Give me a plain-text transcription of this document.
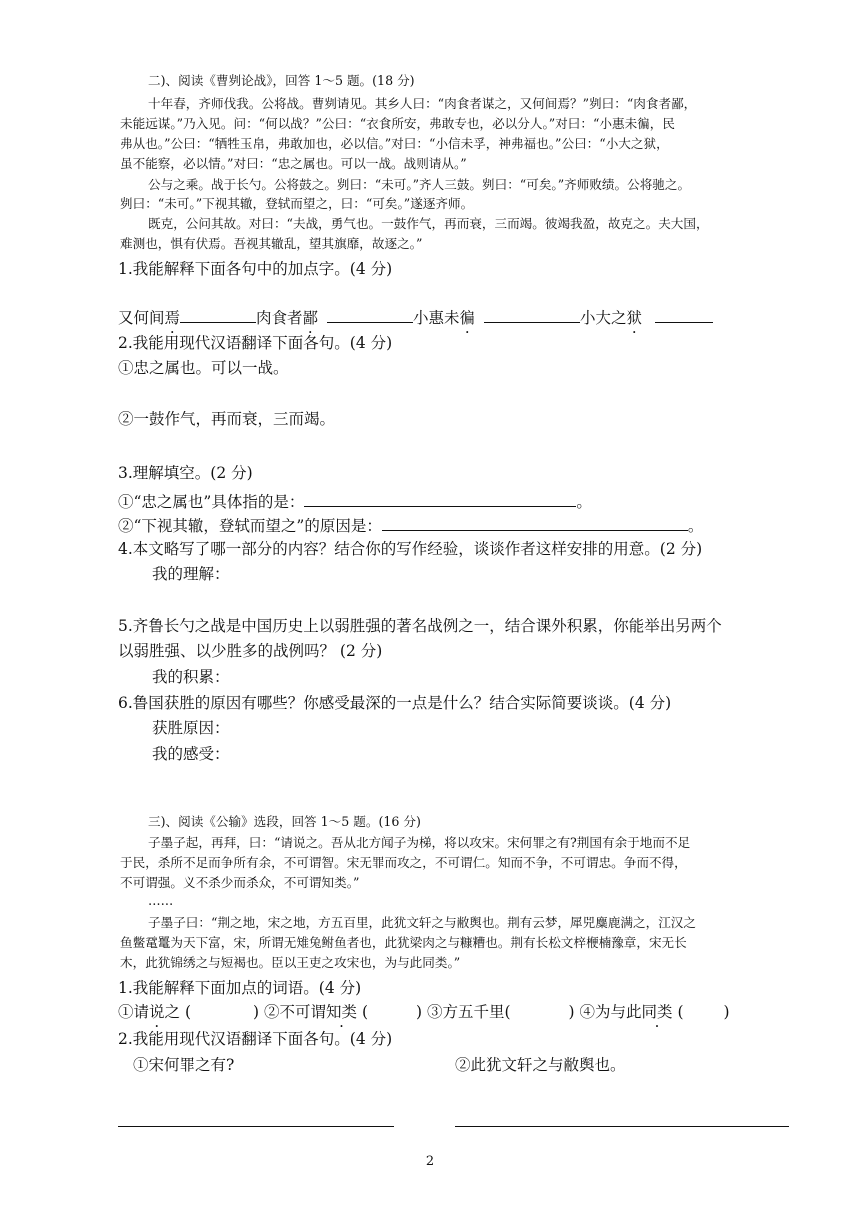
二)、阅读《曹刿论战》，回答 1～5 题。(18 分)
十年春，齐师伐我。公将战。曹刿请见。其乡人曰：“肉食者谋之，又何间焉？”刿曰：“肉食者鄙，
未能远谋。”乃入见。问：“何以战？”公曰：“衣食所安，弗敢专也，必以分人。”对曰：“小惠未徧，民
弗从也。”公曰：“牺牲玉帛，弗敢加也，必以信。”对曰：“小信未孚，神弗福也。”公曰：“小大之狱，
虽不能察，必以情。”对曰：“忠之属也。可以一战。战则请从。”
公与之乘。战于长勺。公将鼓之。刿曰：“未可。”齐人三鼓。刿曰：“可矣。”齐师败绩。公将驰之。
刿曰：“未可。”下视其辙，登轼而望之，曰：“可矣。”遂逐齐师。
既克，公问其故。对曰：“夫战，勇气也。一鼓作气，再而衰，三而竭。彼竭我盈，故克之。夫大国，
难测也，惧有伏焉。吾视其辙乱，望其旗靡，故逐之。”
1.我能解释下面各句中的加点字。(4 分)
又何间焉	肉食者鄙	小惠未徧	小大之狱
2.我能用现代汉语翻译下面各句。(4 分)
①忠之属也。可以一战。
②一鼓作气，再而衰，三而竭。
3.理解填空。(2 分)
①“忠之属也”具体指的是：	。
②“下视其辙，登轼而望之”的原因是：	。
4.本文略写了哪一部分的内容？结合你的写作经验，谈谈作者这样安排的用意。(2 分)
我的理解：
5.齐鲁长勺之战是中国历史上以弱胜强的著名战例之一，结合课外积累，你能举出另两个
以弱胜强、以少胜多的战例吗？ (2 分)
我的积累：
6.鲁国获胜的原因有哪些？你感受最深的一点是什么？结合实际简要谈谈。(4 分)
获胜原因：
我的感受：
三)、阅读《公输》选段，回答 1～5 题。(16 分)
子墨子起，再拜，曰：“请说之。吾从北方闻子为梯，将以攻宋。宋何罪之有?荆国有余于地而不足
于民，杀所不足而争所有余，不可谓智。宋无罪而攻之，不可谓仁。知而不争，不可谓忠。争而不得，
不可谓强。义不杀少而杀众，不可谓知类。”
……
子墨子曰：“荆之地，宋之地，方五百里，此犹文轩之与敝舆也。荆有云梦，犀兕麋鹿满之，江汉之
鱼鳖鼋鼍为天下富，宋，所谓无雉兔鲋鱼者也，此犹梁肉之与糠糟也。荆有长松文梓楩楠豫章，宋无长
木，此犹锦绣之与短褐也。臣以王吏之攻宋也，为与此同类。”
1.我能解释下面加点的词语。(4 分)
①请说之 (	) ②不可谓知类 (	) ③方五千里(	) ④为与此同类 (	)
2.我能用现代汉语翻译下面各句。(4 分)
①宋何罪之有?	②此犹文轩之与敝舆也。
2
